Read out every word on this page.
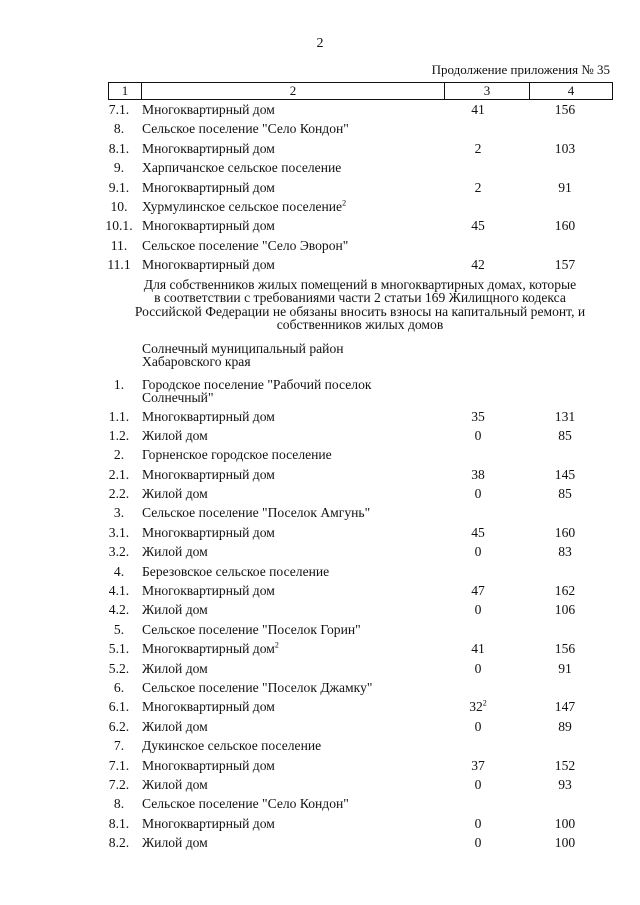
2
Продолжение приложения № 35
1	2	3	4
7.1. Многоквартирный дом	41	156
8.	Сельское поселение "Село Кондон"
8.1. Многоквартирный дом	2	103
9.	Харпичанское сельское поселение
9.1. Многоквартирный дом	2	91
10.	Хурмулинское сельское поселение$^2$
10.1. Многоквартирный дом	45	160
11.	Сельское поселение "Село Эворон"
11.1 Многоквартирный дом	42	157
Для собственников жилых помещений в многоквартирных домах, которые
в соответствии с требованиями части 2 статьи 169 Жилищного кодекса
Российской Федерации не обязаны вносить взносы на капитальный ремонт, и
собственников жилых домов
Солнечный муниципальный район
Хабаровского края
1.	Городское поселение "Рабочий поселок
Солнечный"
1.1. Многоквартирный дом	35	131
1.2. Жилой дом	0	85
2.	Горненское городское поселение
2.1. Многоквартирный дом	38	145
2.2. Жилой дом	0	85
3.	Сельское поселение "Поселок Амгунь"
3.1. Многоквартирный дом	45	160
3.2. Жилой дом	0	83
4.	Березовское сельское поселение
4.1. Многоквартирный дом	47	162
4.2. Жилой дом	0	106
5.	Сельское поселение "Поселок Горин"
5.1. Многоквартирный дом$^2$	41	156
5.2. Жилой дом	0	91
6.	Сельское поселение "Поселок Джамку"
6.1. Многоквартирный дом	$32^2$	147
6.2. Жилой дом	0	89
7.	Дукинское сельское поселение
7.1. Многоквартирный дом	37	152
7.2. Жилой дом	0	93
8.	Сельское поселение "Село Кондон"
8.1. Многоквартирный дом	0	100
8.2. Жилой дом	0	100
